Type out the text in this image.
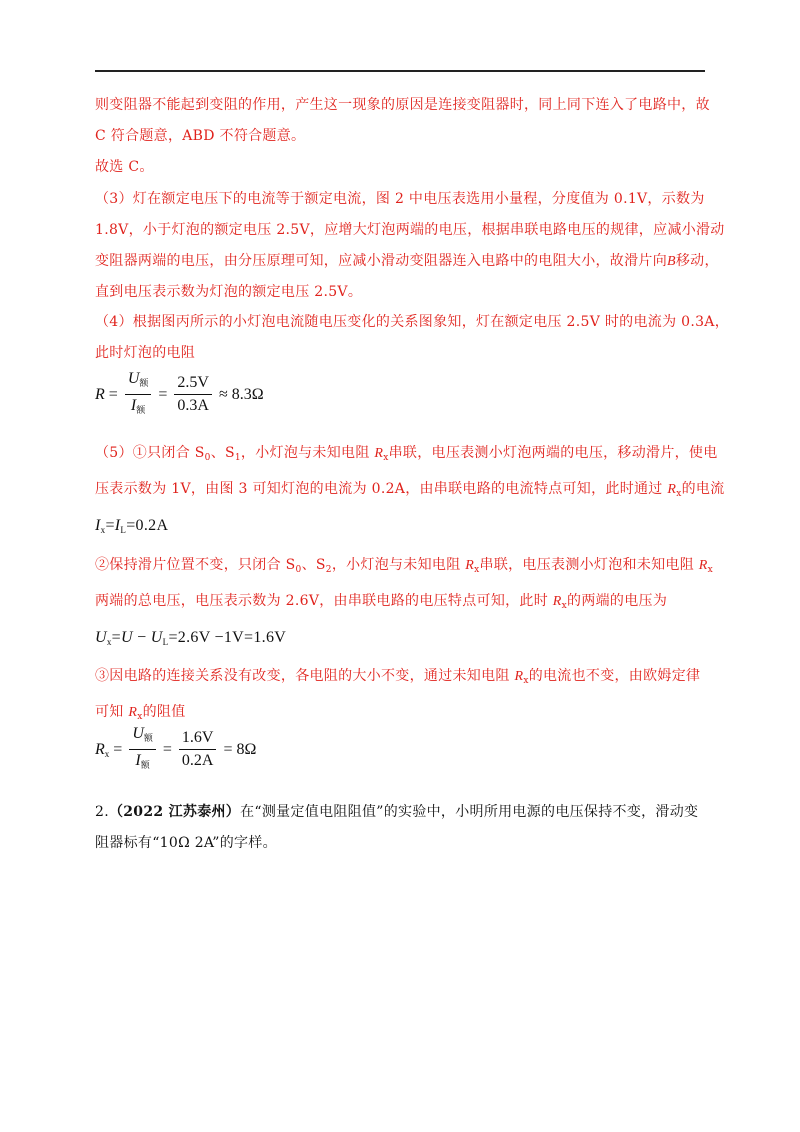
则变阻器不能起到变阻的作用，产生这一现象的原因是连接变阻器时，同上同下连入了电路中，故
C 符合题意，ABD 不符合题意。
故选 C。
（3）灯在额定电压下的电流等于额定电流，图 2 中电压表选用小量程，分度值为 0.1V，示数为
1.8V，小于灯泡的额定电压 2.5V，应增大灯泡两端的电压，根据串联电路电压的规律，应减小滑动
变阻器两端的电压，由分压原理可知，应减小滑动变阻器连入电路中的电阻大小，故滑片向B移动，
直到电压表示数为灯泡的额定电压 2.5V。
（4）根据图丙所示的小灯泡电流随电压变化的关系图象知，灯在额定电压 2.5V 时的电流为 0.3A，
此时灯泡的电阻
$R = \frac{U_额}{I_额} = \frac{2.5V}{0.3A} \approx 8.3\Omega$
（5）①只闭合 $S_0$、$S_1$，小灯泡与未知电阻 $R_x$串联，电压表测小灯泡两端的电压，移动滑片，使电
压表示数为 1V，由图 3 可知灯泡的电流为 0.2A，由串联电路的电流特点可知，此时通过 $R_x$的电流
$I_x=I_L=0.2A$
②保持滑片位置不变，只闭合 $S_0$、$S_2$，小灯泡与未知电阻 $R_x$串联，电压表测小灯泡和未知电阻 $R_x$
两端的总电压，电压表示数为 2.6V，由串联电路的电压特点可知，此时 $R_x$的两端的电压为
$U_x=U - U_L=2.6V -1V=1.6V$
③因电路的连接关系没有改变，各电阻的大小不变，通过未知电阻 $R_x$的电流也不变，由欧姆定律
可知 $R_x$的阻值
$R_x = \frac{U_额}{I_额} = \frac{1.6V}{0.2A} = 8\Omega$
2.（2022 江苏泰州）在“测量定值电阻阻值”的实验中，小明所用电源的电压保持不变，滑动变
阻器标有“10Ω 2A”的字样。
